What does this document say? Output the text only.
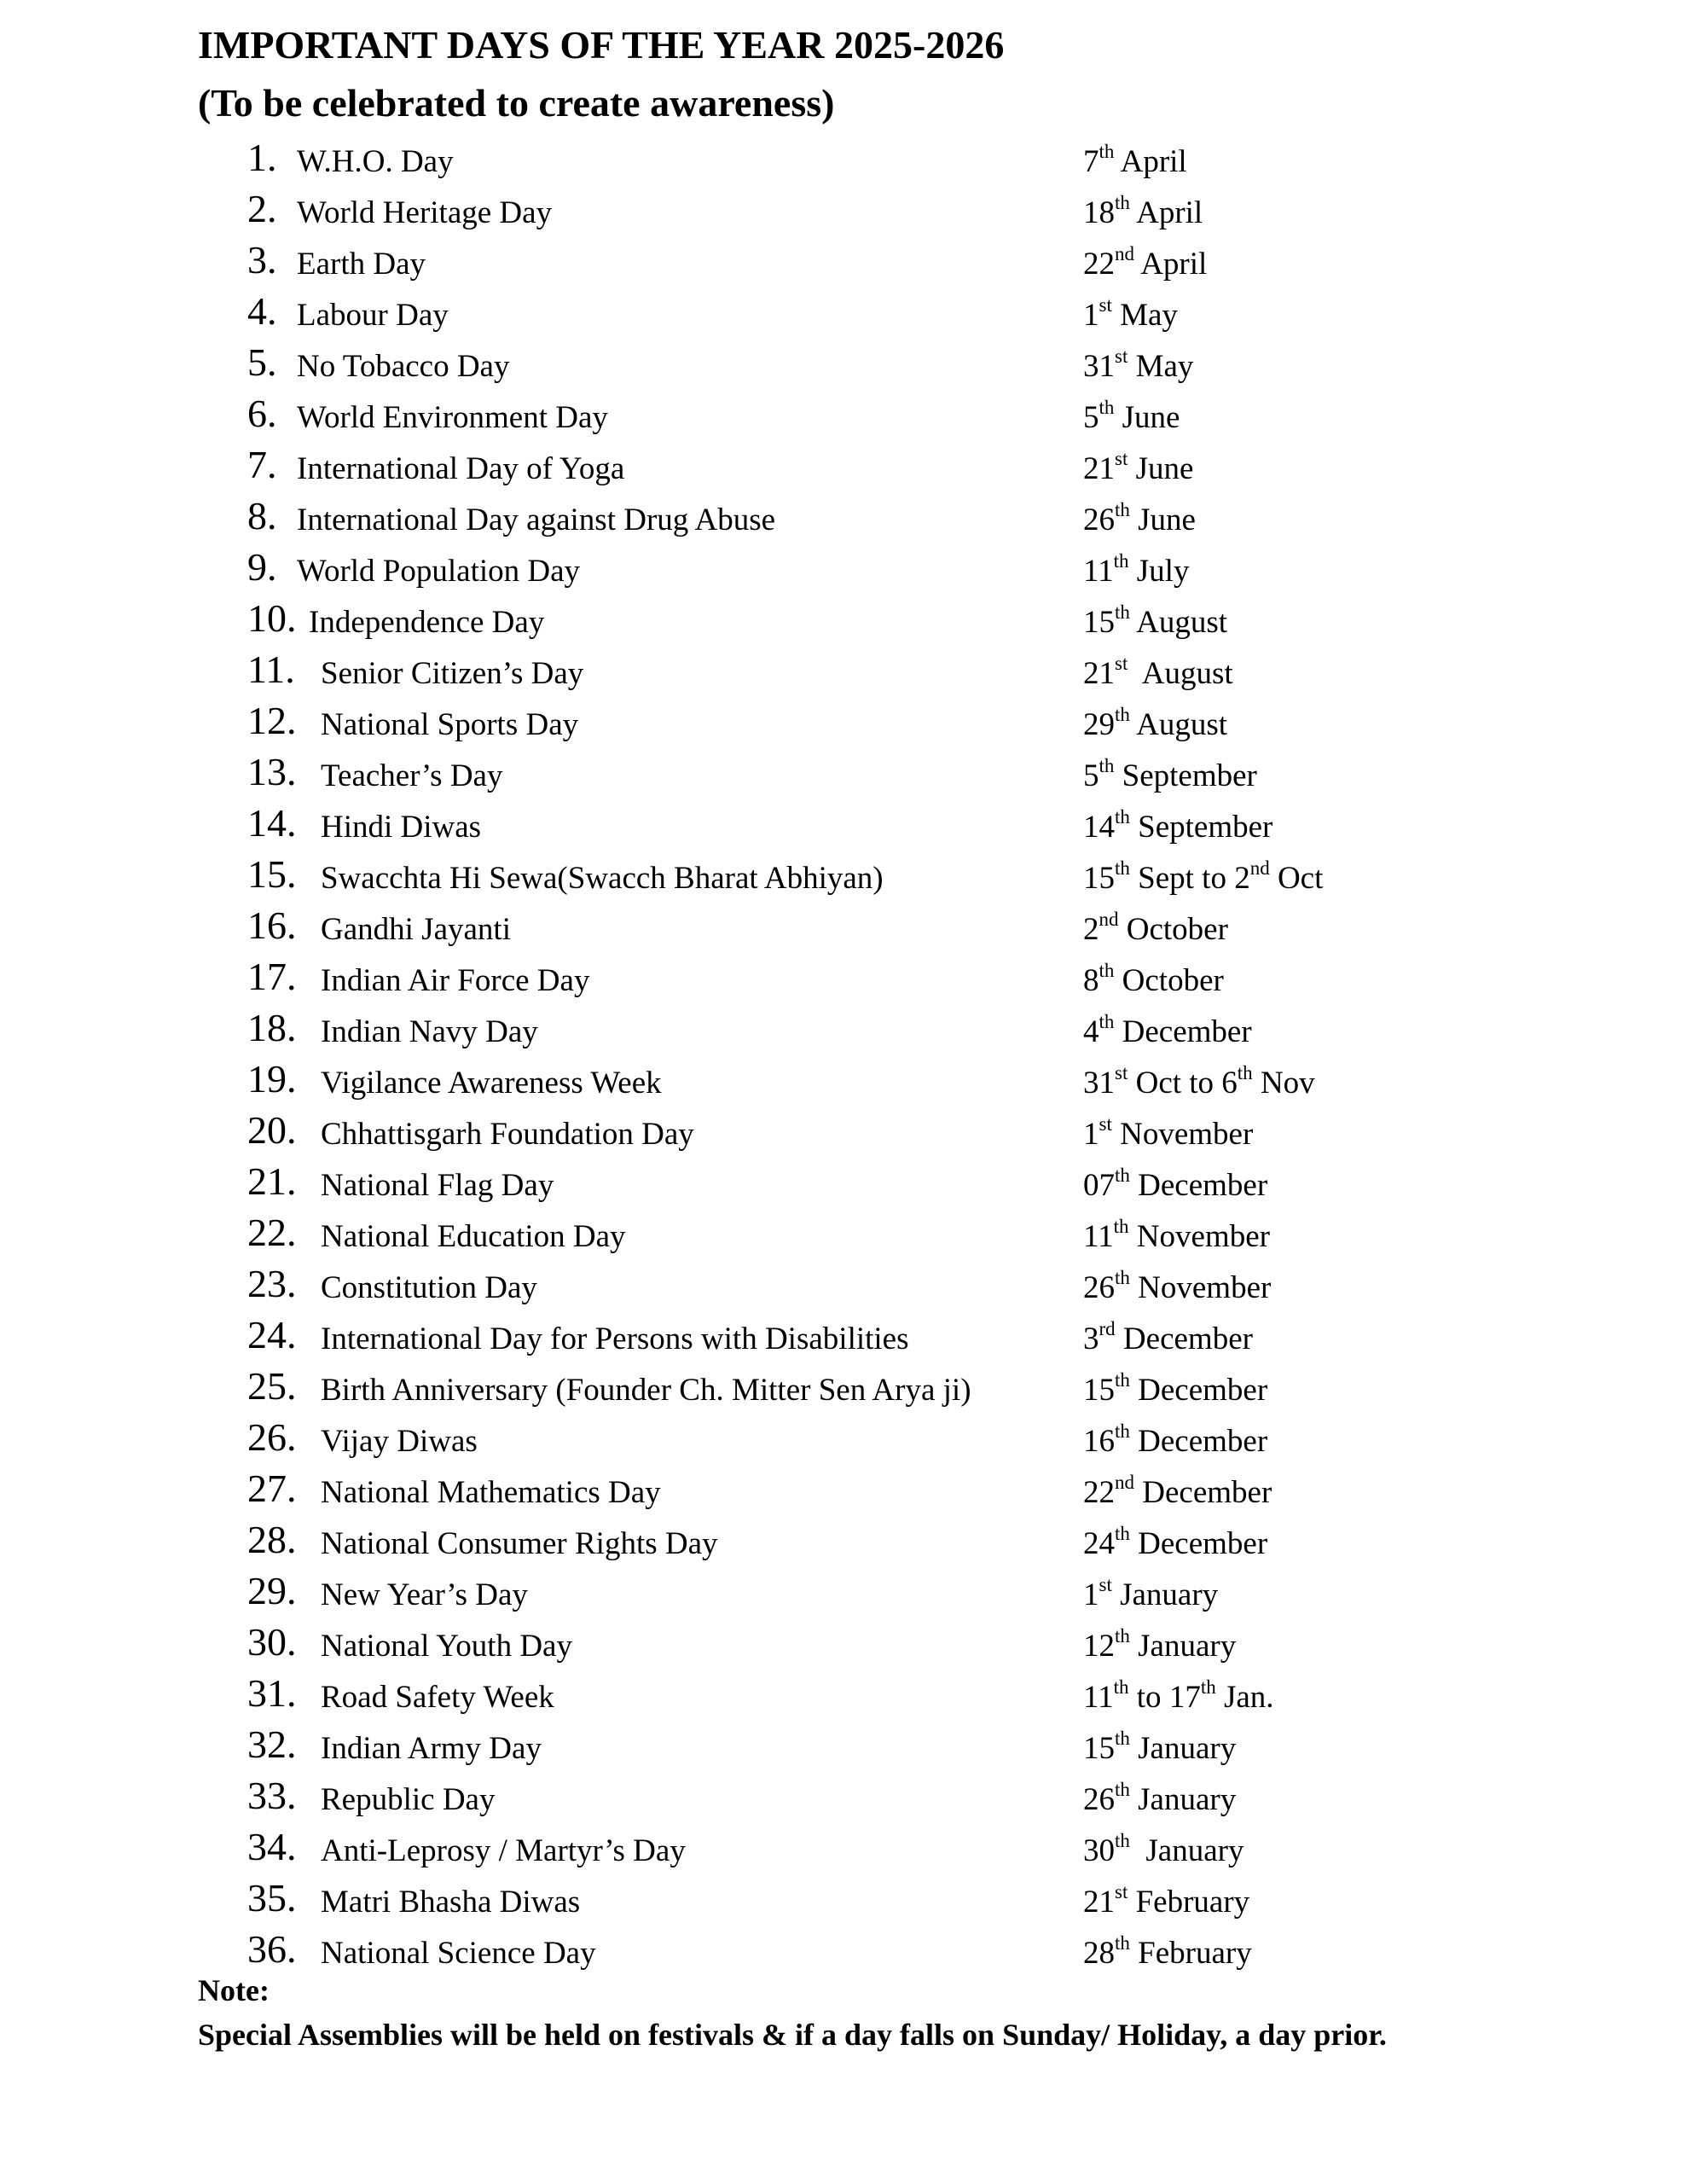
IMPORTANT DAYS OF THE YEAR 2025-2026
(To be celebrated to create awareness)
1. W.H.O. Day	7th April
2. World Heritage Day	18th April
3. Earth Day	22nd April
4. Labour Day	1st May
5. No Tobacco Day	31st May
6. World Environment Day	5th June
7. International Day of Yoga	21st June
8. International Day against Drug Abuse	26th June
9. World Population Day	11th July
10. Independence Day	15th August
11. Senior Citizen’s Day	21st  August
12. National Sports Day	29th August
13. Teacher’s Day	5th September
14. Hindi Diwas	14th September
15. Swacchta Hi Sewa(Swacch Bharat Abhiyan)	15th Sept to 2nd Oct
16. Gandhi Jayanti	2nd October
17. Indian Air Force Day	8th October
18. Indian Navy Day	4th December
19. Vigilance Awareness Week	31st Oct to 6th Nov
20. Chhattisgarh Foundation Day	1st November
21. National Flag Day	07th December
22. National Education Day	11th November
23. Constitution Day	26th November
24. International Day for Persons with Disabilities	3rd December
25. Birth Anniversary (Founder Ch. Mitter Sen Arya ji)	15th December
26. Vijay Diwas	16th December
27. National Mathematics Day	22nd December
28. National Consumer Rights Day	24th December
29. New Year’s Day	1st January
30. National Youth Day	12th January
31. Road Safety Week	11th to 17th Jan.
32. Indian Army Day	15th January
33. Republic Day	26th January
34. Anti-Leprosy / Martyr’s Day	30th  January
35. Matri Bhasha Diwas	21st February
36. National Science Day	28th February
Note:
Special Assemblies will be held on festivals & if a day falls on Sunday/ Holiday, a day prior.
